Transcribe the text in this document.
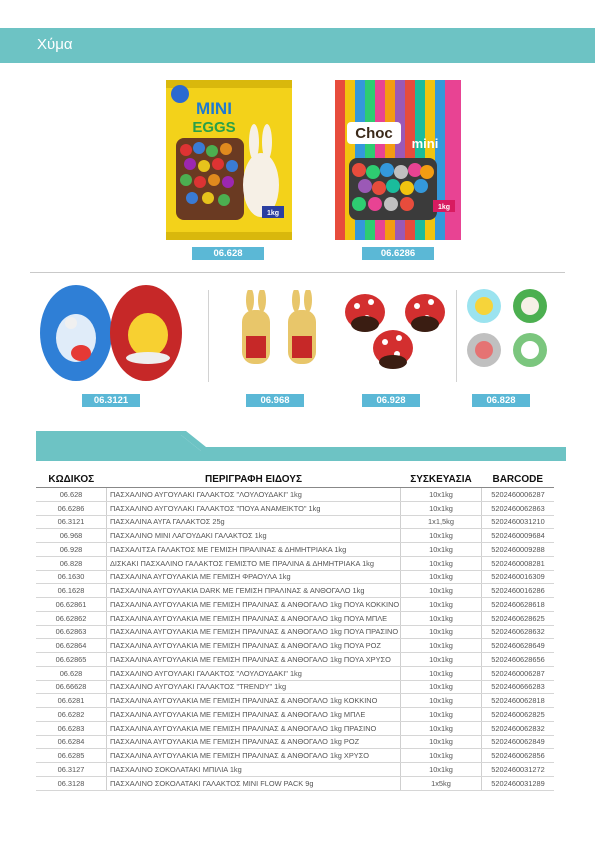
Χύμα
1kg
MINI
EGGS
06.628
Choc
mini
1kg
06.6286
06.3121	06.968	06.928	06.828
ΚΩΔΙΚΟΣ	ΠΕΡΙΓΡΑΦΗ ΕΙΔΟΥΣ	ΣΥΣΚΕΥΑΣΙΑ	BARCODE
06.628	ΠΑΣΧΑΛΙΝΟ ΑΥΓΟΥΛΑΚΙ ΓΑΛΑΚΤΟΣ "ΛΟΥΛΟΥΔΑΚΙ" 1kg	10x1kg	5202460006287
06.6286	ΠΑΣΧΑΛΙΝΟ ΑΥΓΟΥΛΑΚΙ ΓΑΛΑΚΤΟΣ "ΠΟΥΑ ΑΝΑΜΕΙΚΤΟ" 1kg	10x1kg	5202460062863
06.3121	ΠΑΣΧΑΛΙΝΑ ΑΥΓΑ ΓΑΛΑΚΤΟΣ 25g	1x1,5kg	5202460031210
06.968	ΠΑΣΧΑΛΙΝΟ ΜΙΝΙ ΛΑΓΟΥΔΑΚΙ ΓΑΛΑΚΤΟΣ 1kg	10x1kg	5202460009684
06.928	ΠΑΣΧΑΛΙΤΣΑ ΓΑΛΑΚΤΟΣ ΜΕ ΓΕΜΙΣΗ ΠΡΑΛΙΝΑΣ & ΔΗΜΗΤΡΙΑΚΑ 1kg	10x1kg	5202460009288
06.828	ΔΙΣΚΑΚΙ ΠΑΣΧΑΛΙΝΟ ΓΑΛΑΚΤΟΣ ΓΕΜΙΣΤΟ ΜΕ ΠΡΑΛΙΝΑ & ΔΗΜΗΤΡΙΑΚΑ 1kg	10x1kg	5202460008281
06.1630	ΠΑΣΧΑΛΙΝΑ ΑΥΓΟΥΛΑΚΙΑ ΜΕ ΓΕΜΙΣΗ ΦΡΑΟΥΛΑ 1kg	10x1kg	5202460016309
06.1628	ΠΑΣΧΑΛΙΝΑ ΑΥΓΟΥΛΑΚΙΑ DARK ΜΕ ΓΕΜΙΣΗ ΠΡΑΛΙΝΑΣ & ΑΝΘΟΓΑΛΟ 1kg	10x1kg	5202460016286
06.62861	ΠΑΣΧΑΛΙΝΑ ΑΥΓΟΥΛΑΚΙΑ ΜΕ ΓΕΜΙΣΗ ΠΡΑΛΙΝΑΣ & ΑΝΘΟΓΑΛΟ 1kg ΠΟΥΑ ΚΟΚΚΙΝΟ	10x1kg	5202460628618
06.62862	ΠΑΣΧΑΛΙΝΑ ΑΥΓΟΥΛΑΚΙΑ ΜΕ ΓΕΜΙΣΗ ΠΡΑΛΙΝΑΣ & ΑΝΘΟΓΑΛΟ 1kg ΠΟΥΑ ΜΠΛΕ	10x1kg	5202460628625
06.62863	ΠΑΣΧΑΛΙΝΑ ΑΥΓΟΥΛΑΚΙΑ ΜΕ ΓΕΜΙΣΗ ΠΡΑΛΙΝΑΣ & ΑΝΘΟΓΑΛΟ 1kg ΠΟΥΑ ΠΡΑΣΙΝΟ	10x1kg	5202460628632
06.62864	ΠΑΣΧΑΛΙΝΑ ΑΥΓΟΥΛΑΚΙΑ ΜΕ ΓΕΜΙΣΗ ΠΡΑΛΙΝΑΣ & ΑΝΘΟΓΑΛΟ 1kg ΠΟΥΑ ΡΟΖ	10x1kg	5202460628649
06.62865	ΠΑΣΧΑΛΙΝΑ ΑΥΓΟΥΛΑΚΙΑ ΜΕ ΓΕΜΙΣΗ ΠΡΑΛΙΝΑΣ & ΑΝΘΟΓΑΛΟ 1kg ΠΟΥΑ ΧΡΥΣΟ	10x1kg	5202460628656
06.628	ΠΑΣΧΑΛΙΝΟ ΑΥΓΟΥΛΑΚΙ ΓΑΛΑΚΤΟΣ "ΛΟΥΛΟΥΔΑΚΙ" 1kg	10x1kg	5202460006287
06.66628	ΠΑΣΧΑΛΙΝΟ ΑΥΓΟΥΛΑΚΙ ΓΑΛΑΚΤΟΣ "TRENDY" 1kg	10x1kg	5202460666283
06.6281	ΠΑΣΧΑΛΙΝΑ ΑΥΓΟΥΛΑΚΙΑ ΜΕ ΓΕΜΙΣΗ ΠΡΑΛΙΝΑΣ & ΑΝΘΟΓΑΛΟ 1kg ΚΟΚΚΙΝΟ	10x1kg	5202460062818
06.6282	ΠΑΣΧΑΛΙΝΑ ΑΥΓΟΥΛΑΚΙΑ ΜΕ ΓΕΜΙΣΗ ΠΡΑΛΙΝΑΣ & ΑΝΘΟΓΑΛΟ 1kg ΜΠΛΕ	10x1kg	5202460062825
06.6283	ΠΑΣΧΑΛΙΝΑ ΑΥΓΟΥΛΑΚΙΑ ΜΕ ΓΕΜΙΣΗ ΠΡΑΛΙΝΑΣ & ΑΝΘΟΓΑΛΟ 1kg ΠΡΑΣΙΝΟ	10x1kg	5202460062832
06.6284	ΠΑΣΧΑΛΙΝΑ ΑΥΓΟΥΛΑΚΙΑ ΜΕ ΓΕΜΙΣΗ ΠΡΑΛΙΝΑΣ & ΑΝΘΟΓΑΛΟ 1kg ΡΟΖ	10x1kg	5202460062849
06.6285	ΠΑΣΧΑΛΙΝΑ ΑΥΓΟΥΛΑΚΙΑ ΜΕ ΓΕΜΙΣΗ ΠΡΑΛΙΝΑΣ & ΑΝΘΟΓΑΛΟ 1kg ΧΡΥΣΟ	10x1kg	5202460062856
06.3127	ΠΑΣΧΑΛΙΝΟ ΣΟΚΟΛΑΤΑΚΙ ΜΠΙΛΙΑ 1kg	10x1kg	5202460031272
06.3128	ΠΑΣΧΑΛΙΝΟ ΣΟΚΟΛΑΤΑΚΙ ΓΑΛΑΚΤΟΣ MINI FLOW PACK 9g	1x5kg	5202460031289
